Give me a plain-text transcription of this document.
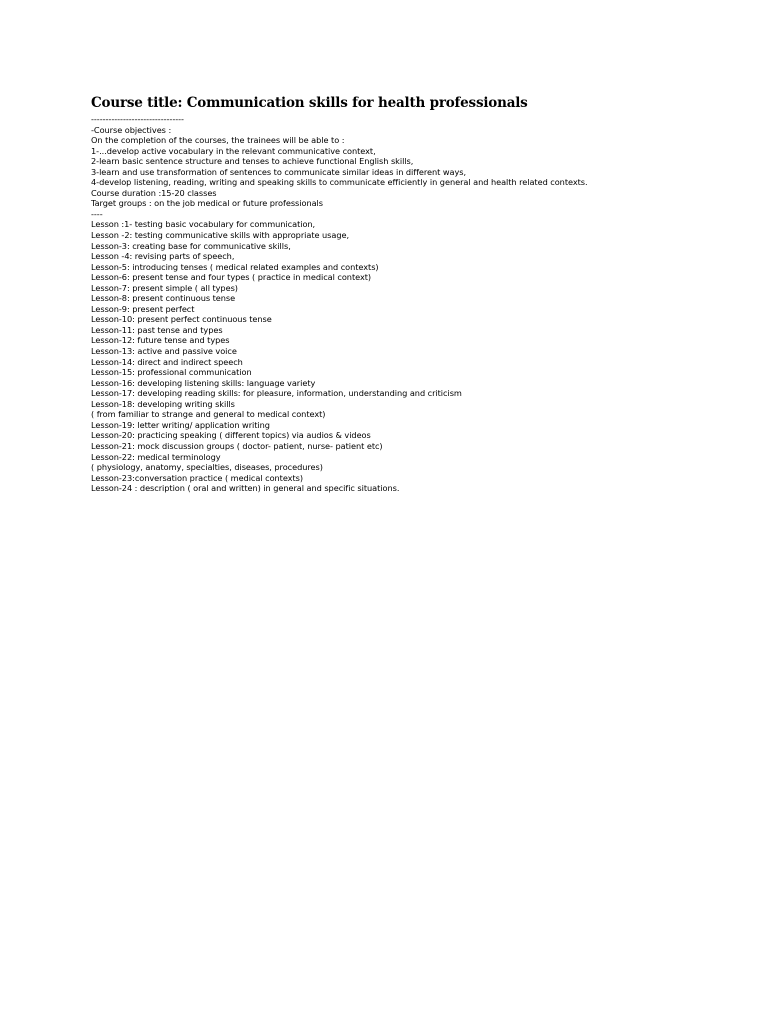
Course title: Communication skills for health professionals
--------------------------------
-Course objectives :
On the completion of the courses, the trainees will be able to :
1-...develop active vocabulary in the relevant communicative context,
2-learn basic sentence structure and tenses to achieve functional English skills,
3-learn and use transformation of sentences to communicate similar ideas in different ways,
4-develop listening, reading, writing and speaking skills to communicate efficiently in general and health related contexts.
Course duration :15-20 classes
Target groups : on the job medical or future professionals
----
Lesson :1- testing basic vocabulary for communication,
Lesson -2: testing communicative skills with appropriate usage,
Lesson-3: creating base for communicative skills,
Lesson -4: revising parts of speech,
Lesson-5: introducing tenses ( medical related examples and contexts)
Lesson-6: present tense and four types ( practice in medical context)
Lesson-7: present simple ( all types)
Lesson-8: present continuous tense
Lesson-9: present perfect
Lesson-10: present perfect continuous tense
Lesson-11: past tense and types
Lesson-12: future tense and types
Lesson-13: active and passive voice
Lesson-14: direct and indirect speech
Lesson-15: professional communication
Lesson-16: developing listening skills: language variety
Lesson-17: developing reading skills: for pleasure, information, understanding and criticism
Lesson-18: developing writing skills
( from familiar to strange and general to medical context)
Lesson-19: letter writing/ application writing
Lesson-20: practicing speaking ( different topics) via audios & videos
Lesson-21: mock discussion groups ( doctor- patient, nurse- patient etc)
Lesson-22: medical terminology
( physiology, anatomy, specialties, diseases, procedures)
Lesson-23:conversation practice ( medical contexts)
Lesson-24 : description ( oral and written) in general and specific situations.
